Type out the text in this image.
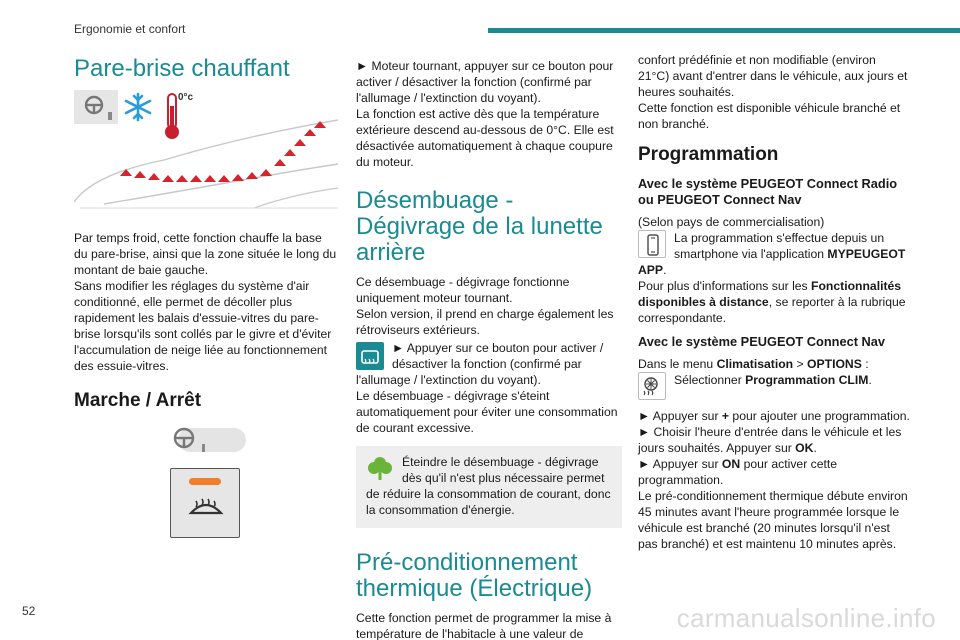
Ergonomie et confort
Pare-brise chauffant
0°c
Par temps froid, cette fonction chauffe la base du pare-brise, ainsi que la zone située le long du montant de baie gauche.
Sans modifier les réglages du système d'air conditionné, elle permet de décoller plus rapidement les balais d'essuie-vitres du pare-brise lorsqu'ils sont collés par le givre et d'éviter l'accumulation de neige liée au fonctionnement des essuie-vitres.
Marche / Arrêt
► Moteur tournant, appuyer sur ce bouton pour activer / désactiver la fonction (confirmé par l'allumage / l'extinction du voyant).
La fonction est active dès que la température extérieure descend au-dessous de 0°C. Elle est désactivée automatiquement à chaque coupure du moteur.
Désembuage - Dégivrage de la lunette arrière
Ce désembuage - dégivrage fonctionne uniquement moteur tournant.
Selon version, il prend en charge également les rétroviseurs extérieurs.
► Appuyer sur ce bouton pour activer / désactiver la fonction (confirmé par l'allumage / l'extinction du voyant).
Le désembuage - dégivrage s'éteint automatiquement pour éviter une consommation de courant excessive.
Éteindre le désembuage - dégivrage dès qu'il n'est plus nécessaire permet de réduire la consommation de courant, donc la consommation d'énergie.
Pré-conditionnement thermique (Électrique)
Cette fonction permet de programmer la mise à température de l'habitacle à une valeur de
confort prédéfinie et non modifiable (environ 21°C) avant d'entrer dans le véhicule, aux jours et heures souhaités.
Cette fonction est disponible véhicule branché et non branché.
Programmation
Avec le système PEUGEOT Connect Radio ou PEUGEOT Connect Nav
(Selon pays de commercialisation)
La programmation s'effectue depuis un smartphone via l'application MYPEUGEOT APP.
Pour plus d'informations sur les Fonctionnalités disponibles à distance, se reporter à la rubrique correspondante.
Avec le système PEUGEOT Connect Nav
Dans le menu Climatisation > OPTIONS :
Sélectionner Programmation CLIM.
► Appuyer sur + pour ajouter une programmation.
► Choisir l'heure d'entrée dans le véhicule et les jours souhaités. Appuyer sur OK.
► Appuyer sur ON pour activer cette programmation.
Le pré-conditionnement thermique débute environ 45 minutes avant l'heure programmée lorsque le véhicule est branché (20 minutes lorsqu'il n'est pas branché) et est maintenu 10 minutes après.
52	carmanualsonline.info
